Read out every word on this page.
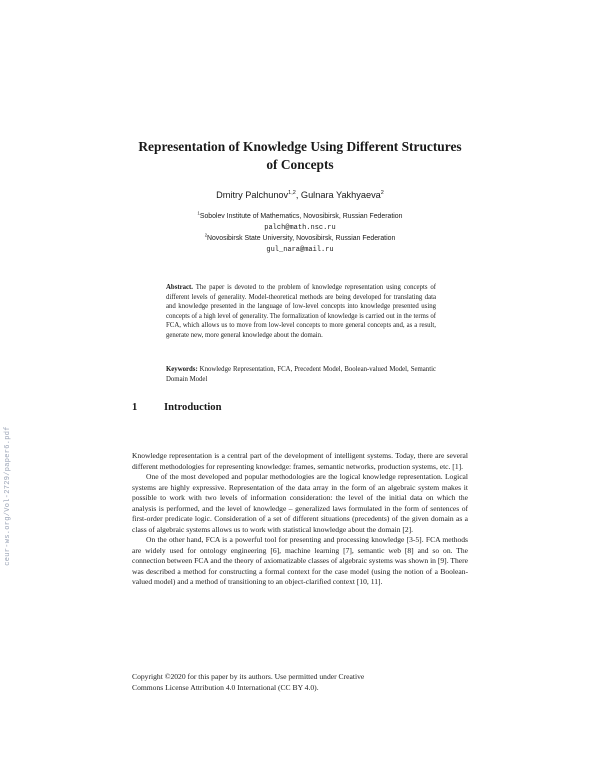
ceur-ws.org/Vol-2729/paper6.pdf
Representation of Knowledge Using Different Structures
of Concepts
Dmitry Palchunov$^{1,2}$, Gulnara Yakhyaeva$^2$
$^1$Sobolev Institute of Mathematics, Novosibirsk, Russian Federation
palch@math.nsc.ru
$^2$Novosibirsk State University, Novosibirsk, Russian Federation
gul_nara@mail.ru
Abstract. The paper is devoted to the problem of knowledge representation using concepts of different levels of generality. Model-theoretical methods are being developed for translating data and knowledge presented in the language of low-level concepts into knowledge presented using concepts of a high level of generality. The formalization of knowledge is carried out in the terms of FCA, which allows us to move from low-level concepts to more general concepts and, as a result, generate new, more general knowledge about the domain.
Keywords: Knowledge Representation, FCA, Precedent Model, Boolean-valued Model, Semantic Domain Model
1	Introduction

Knowledge representation is a central part of the development of intelligent systems. Today, there are several different methodologies for representing knowledge: frames, semantic networks, production systems, etc. [1].

One of the most developed and popular methodologies are the logical knowledge representation. Logical systems are highly expressive. Representation of the data array in the form of an algebraic system makes it possible to work with two levels of information consideration: the level of the initial data on which the analysis is performed, and the level of knowledge – generalized laws formulated in the form of sentences of first-order predicate logic. Consideration of a set of different situations (precedents) of the given domain as a class of algebraic systems allows us to work with statistical knowledge about the domain [2].

On the other hand, FCA is a powerful tool for presenting and processing knowledge [3-5]. FCA methods are widely used for ontology engineering [6], machine learning [7], semantic web [8] and so on. The connection between FCA and the theory of axiomatizable classes of algebraic systems was shown in [9]. There was described a method for constructing a formal context for the case model (using the notion of a Boolean-valued model) and a method of transitioning to an object-clarified context [10, 11].

Copyright ©2020 for this paper by its authors. Use permitted under Creative
Commons License Attribution 4.0 International (CC BY 4.0).
